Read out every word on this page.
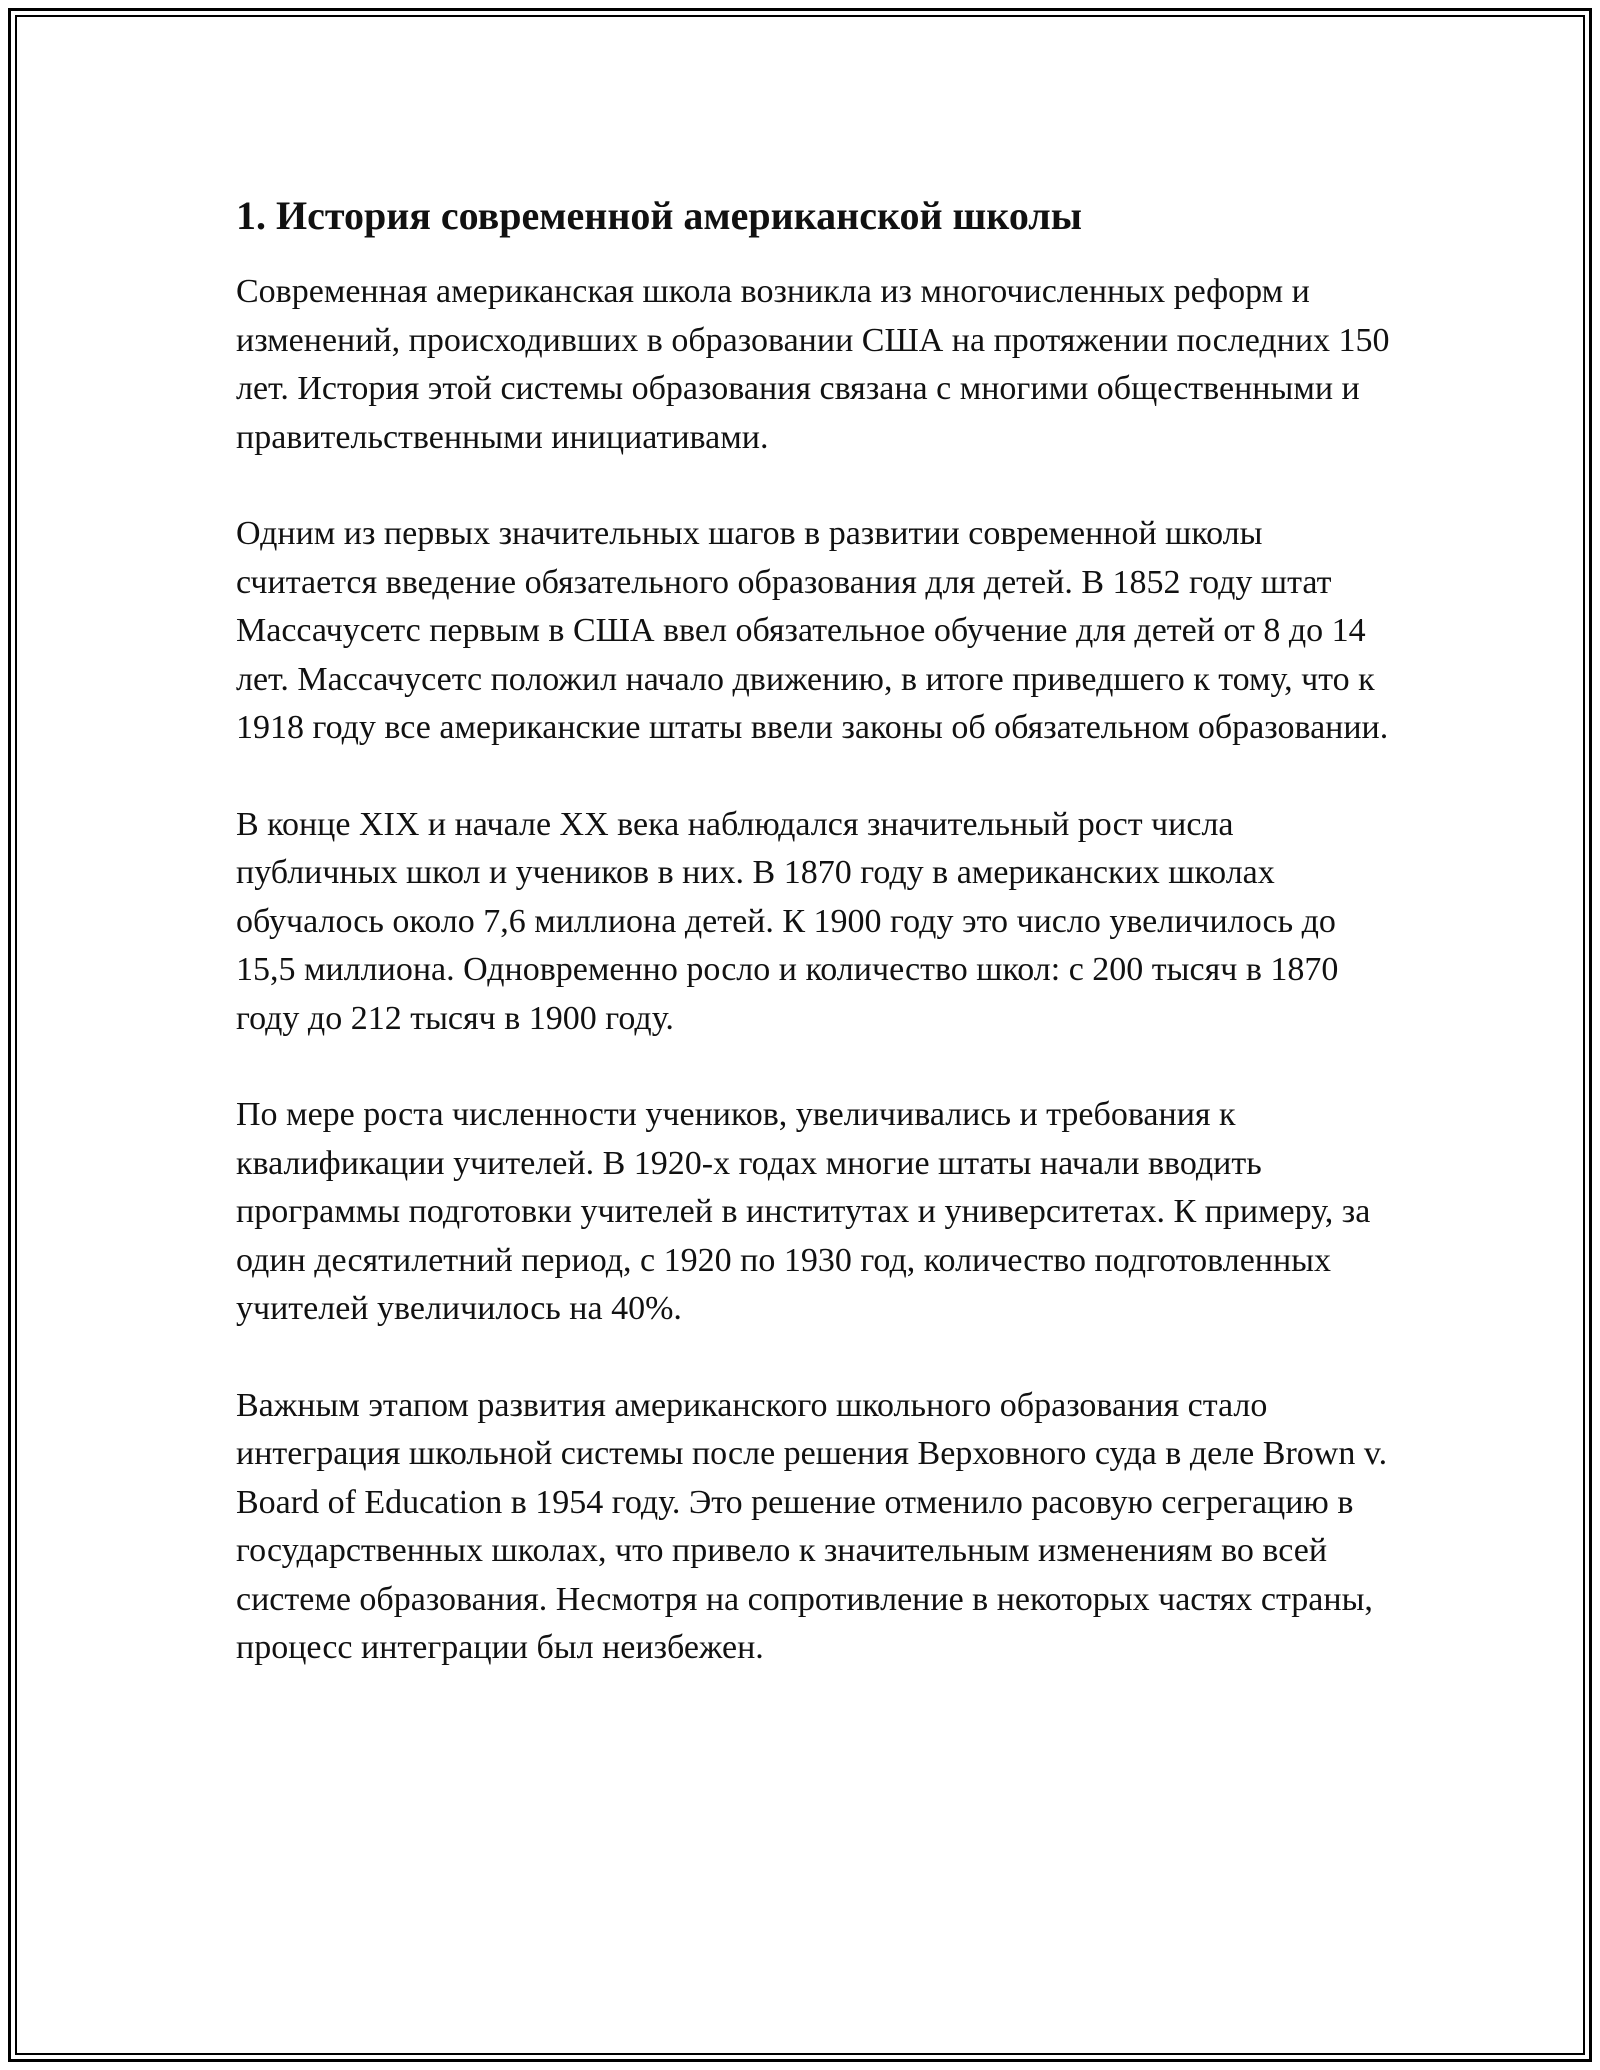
1. История современной американской школы

Современная американская школа возникла из многочисленных реформ и изменений, происходивших в образовании США на протяжении последних 150 лет. История этой системы образования связана с многими общественными и правительственными инициативами.

Одним из первых значительных шагов в развитии современной школы считается введение обязательного образования для детей. В 1852 году штат Массачусетс первым в США ввел обязательное обучение для детей от 8 до 14 лет. Массачусетс положил начало движению, в итоге приведшего к тому, что к 1918 году все американские штаты ввели законы об обязательном образовании.

В конце XIX и начале XX века наблюдался значительный рост числа публичных школ и учеников в них. В 1870 году в американских школах обучалось около 7,6 миллиона детей. К 1900 году это число увеличилось до 15,5 миллиона. Одновременно росло и количество школ: с 200 тысяч в 1870 году до 212 тысяч в 1900 году.

По мере роста численности учеников, увеличивались и требования к квалификации учителей. В 1920-х годах многие штаты начали вводить программы подготовки учителей в институтах и университетах. К примеру, за один десятилетний период, с 1920 по 1930 год, количество подготовленных учителей увеличилось на 40%.

Важным этапом развития американского школьного образования стало интеграция школьной системы после решения Верховного суда в деле Brown v. Board of Education в 1954 году. Это решение отменило расовую сегрегацию в государственных школах, что привело к значительным изменениям во всей системе образования. Несмотря на сопротивление в некоторых частях страны, процесс интеграции был неизбежен.
